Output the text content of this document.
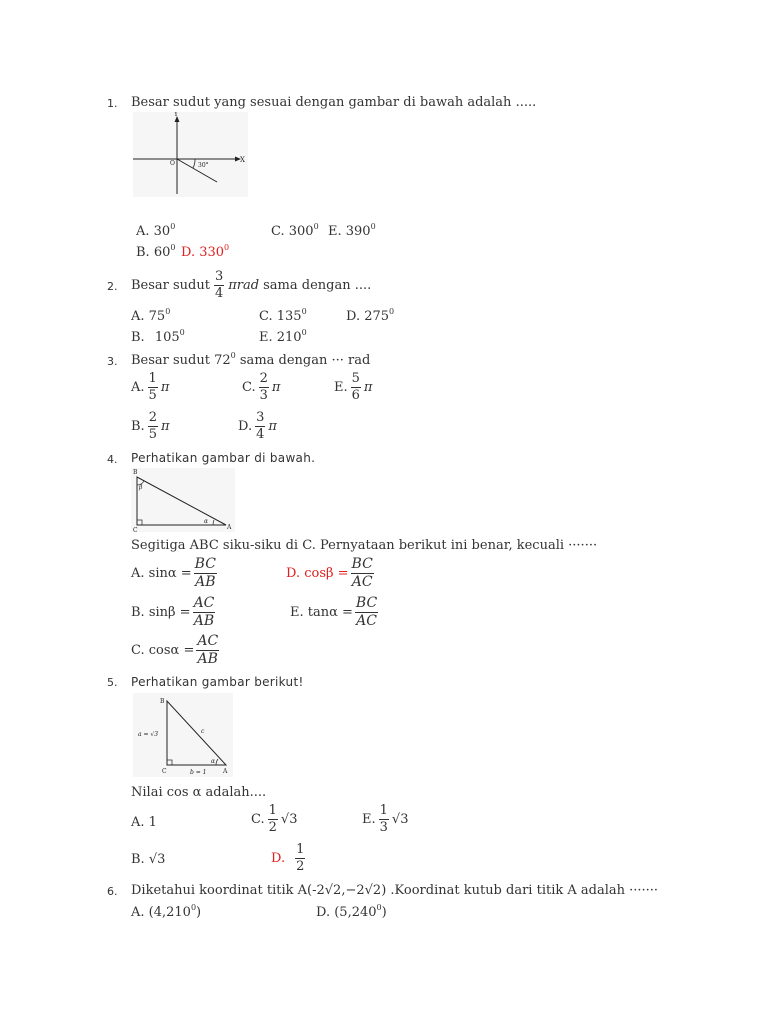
1. Besar sudut yang sesuai dengan gambar di bawah adalah .....
Y
X
O	30°
A. $30^0$	C. $300^0$ E. $390^0$
B. $60^0$ D. $330^0$
2. Besar sudut $\frac{3}{4}$ πrad sama dengan ....
A. $75^0$	C. $135^0$	D. $275^0$
B. $105^0$	E. $210^0$
3. Besar sudut $72^0$ sama dengan ··· rad
A. $\frac{1}{5}$ π	C. $\frac{2}{3}$ π	E. $\frac{5}{6}$ π
B. $\frac{2}{5}$ π	D. $\frac{3}{4}$ π
4. Perhatikan gambar di bawah.
B
C	A
β
α
Segitiga ABC siku-siku di C. Pernyataan berikut ini benar, kecuali ·······
A. $\sin\alpha = \frac{BC}{AB}$	D. $\cos\beta = \frac{BC}{AC}$
B. $\sin\beta = \frac{AC}{AB}$	E. $\tan\alpha = \frac{BC}{AC}$
C. $\cos\alpha = \frac{AC}{AB}$
5. Perhatikan gambar berikut!
B
C	A
a = √3	c
b = 1
α
Nilai cos α adalah....
A. 1	C. $\frac{1}{2} √3$	E. $\frac{1}{3} √3$
B. √3	D. $\frac{1}{2}$
6. Diketahui koordinat titik A(-2√2,−2√2) .Koordinat kutub dari titik A adalah ·······
A. (4,210$^0$)	D. (5,240$^0$)
